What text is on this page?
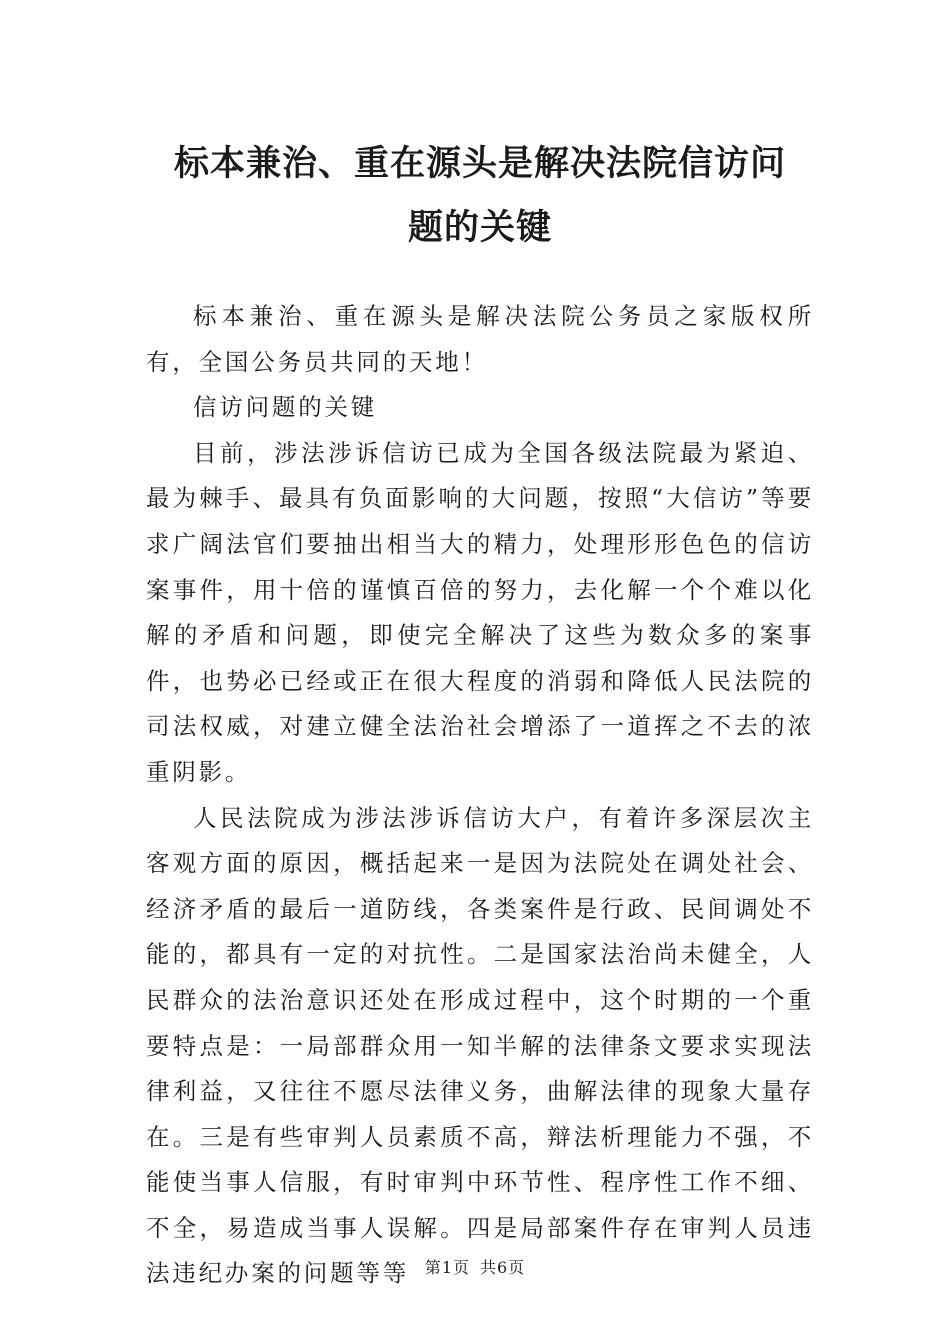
标本兼治、重在源头是解决法院信访问
题的关键

标本兼治、重在源头是解决法院公务员之家版权所有，全国公务员共同的天地！

信访问题的关键

目前，涉法涉诉信访已成为全国各级法院最为紧迫、最为棘手、最具有负面影响的大问题，按照“大信访”等要求广阔法官们要抽出相当大的精力，处理形形色色的信访案事件，用十倍的谨慎百倍的努力，去化解一个个难以化解的矛盾和问题，即使完全解决了这些为数众多的案事件，也势必已经或正在很大程度的消弱和降低人民法院的司法权威，对建立健全法治社会增添了一道挥之不去的浓重阴影。

人民法院成为涉法涉诉信访大户，有着许多深层次主客观方面的原因，概括起来一是因为法院处在调处社会、经济矛盾的最后一道防线，各类案件是行政、民间调处不能的，都具有一定的对抗性。二是国家法治尚未健全，人民群众的法治意识还处在形成过程中，这个时期的一个重要特点是：一局部群众用一知半解的法律条文要求实现法律利益，又往往不愿尽法律义务，曲解法律的现象大量存在。三是有些审判人员素质不高，辩法析理能力不强，不能使当事人信服，有时审判中环节性、程序性工作不细、不全，易造成当事人误解。四是局部案件存在审判人员违法违纪办案的问题等等 第1页 共6页
